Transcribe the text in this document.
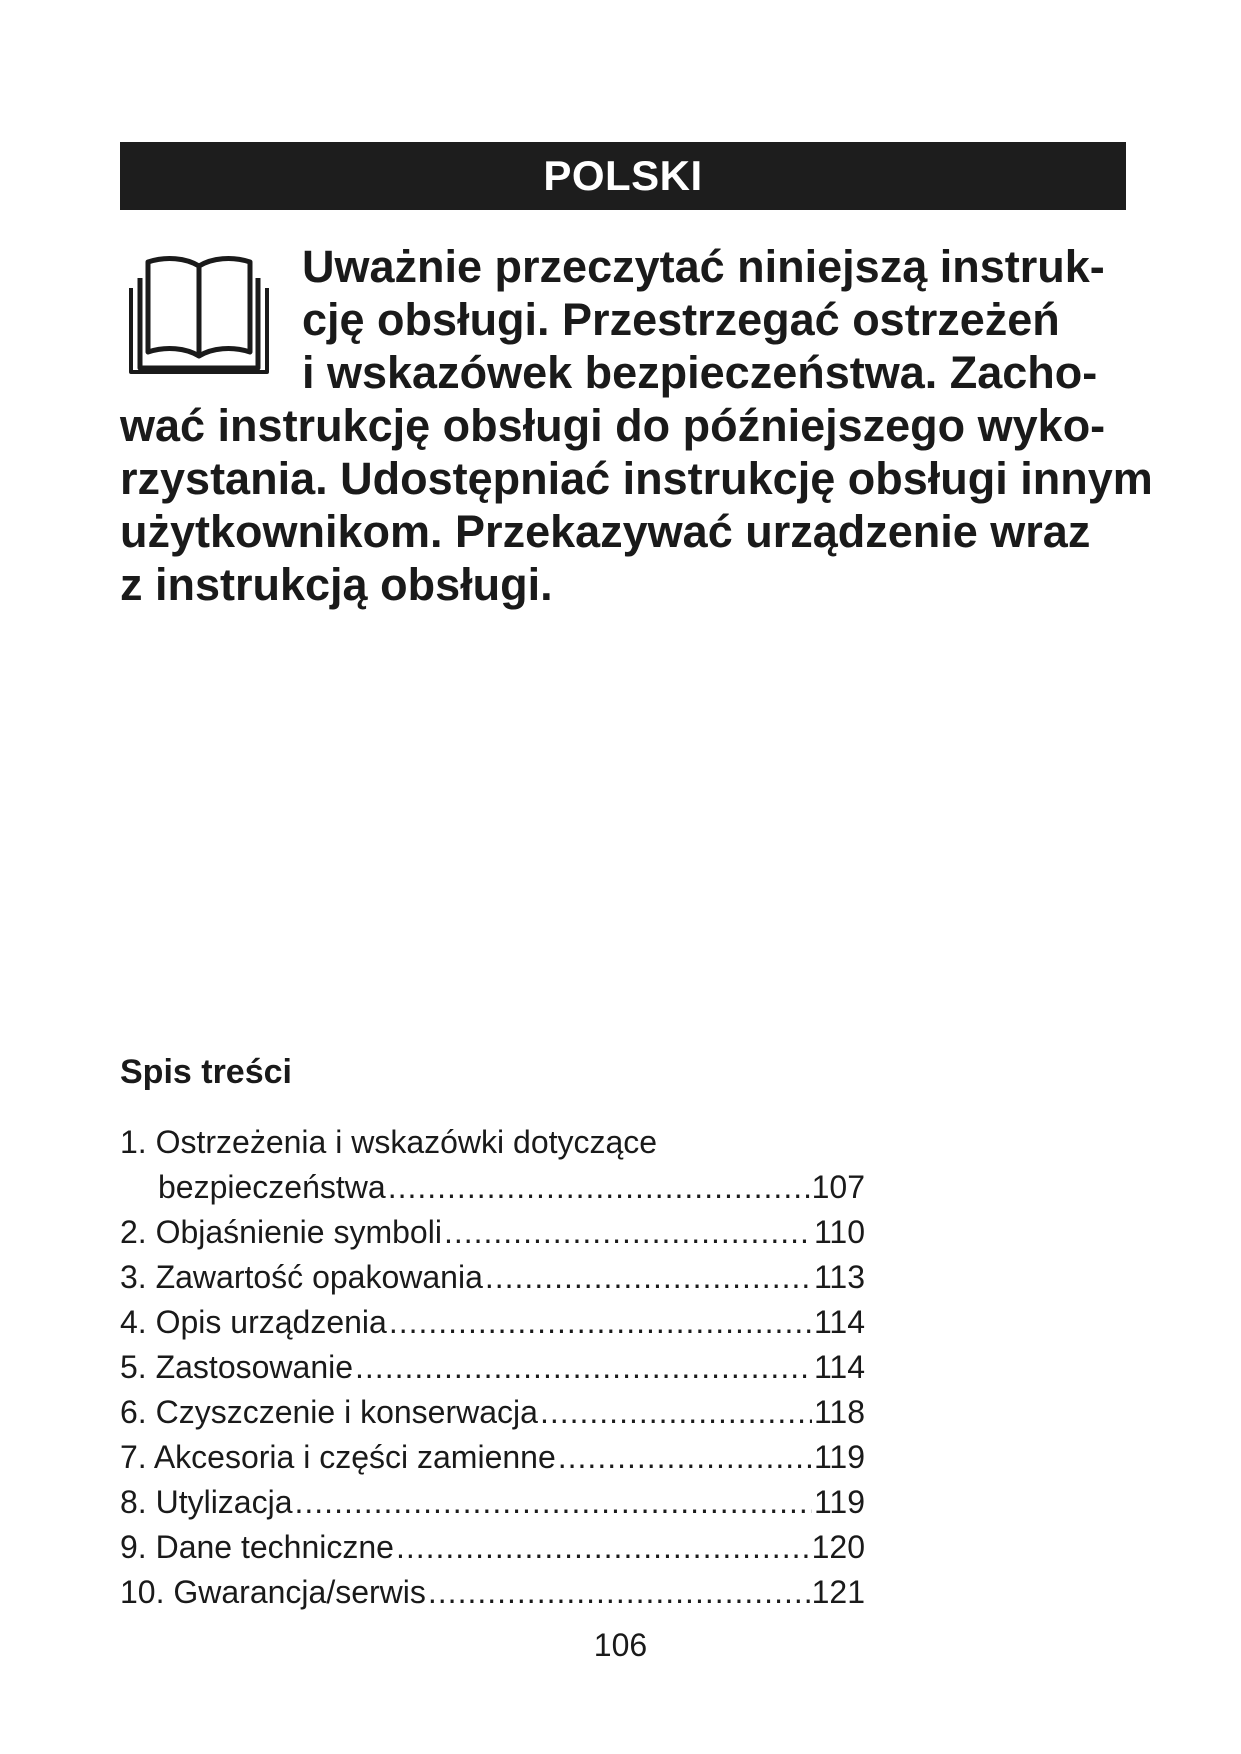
POLSKI
Uważnie przeczytać niniejszą instruk-
cję obsługi. Przestrzegać ostrzeżeń
i wskazówek bezpieczeństwa. Zacho-
wać instrukcję obsługi do późniejszego wyko-
rzystania. Udostępniać instrukcję obsługi innym
użytkownikom. Przekazywać urządzenie wraz
z instrukcją obsługi.
Spis treści
1. Ostrzeżenia i wskazówki dotyczące
bezpieczeństwa .....	107
2. Objaśnienie symboli .....	110
3. Zawartość opakowania .....	113
4. Opis urządzenia .....	114
5. Zastosowanie .....	114
6. Czyszczenie i konserwacja .....	118
7. Akcesoria i części zamienne .....	119
8. Utylizacja .....	119
9. Dane techniczne .....	120
10. Gwarancja/serwis .....	121
106
